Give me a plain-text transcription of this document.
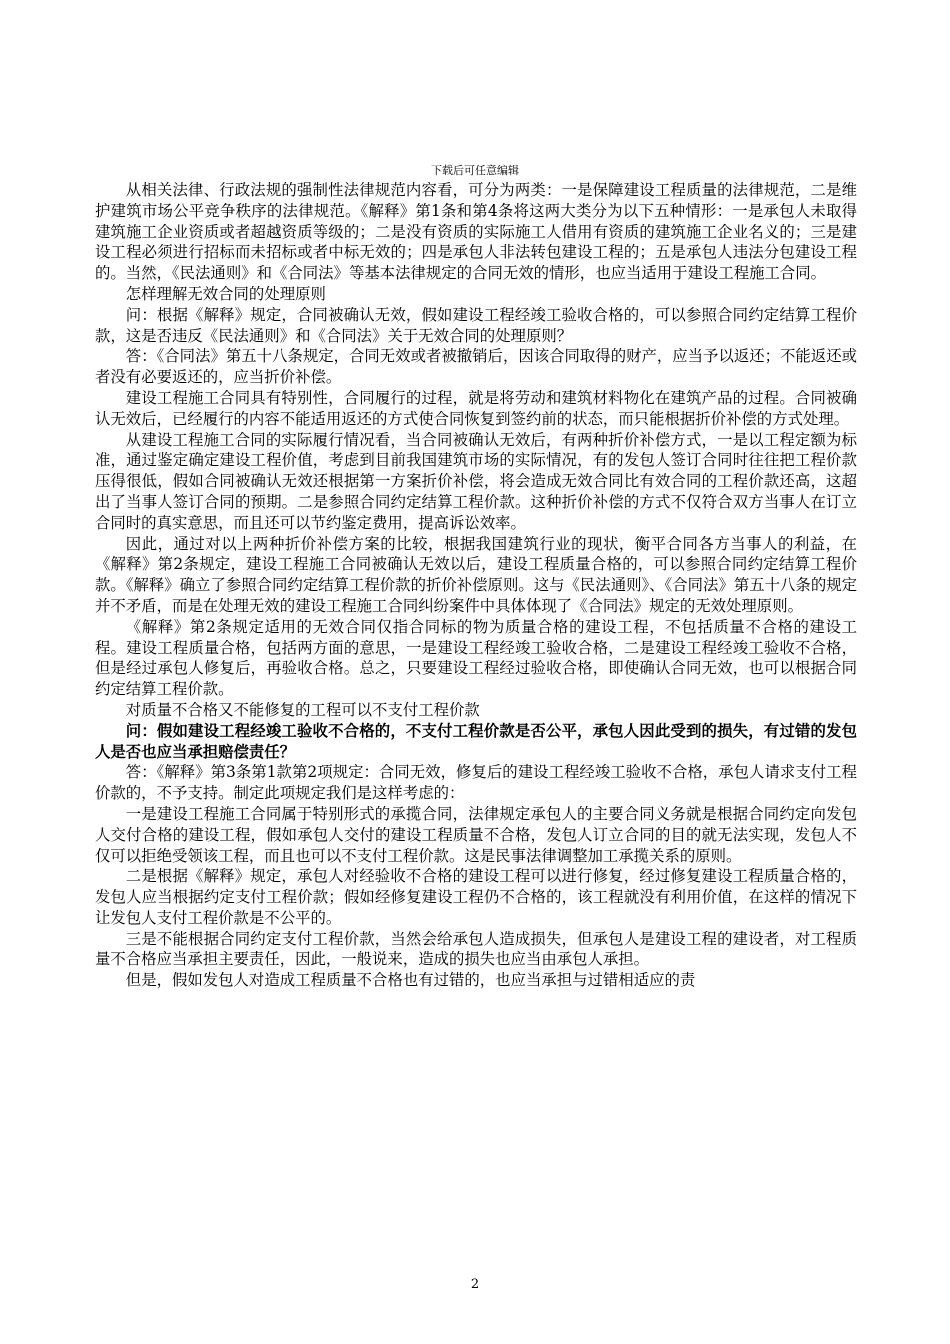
下载后可任意编辑

从相关法律、行政法规的强制性法律规范内容看，可分为两类：一是保障建设工程质量的法律规范，二是维护建筑市场公平竞争秩序的法律规范。《解释》第1条和第4条将这两大类分为以下五种情形：一是承包人未取得建筑施工企业资质或者超越资质等级的；二是没有资质的实际施工人借用有资质的建筑施工企业名义的；三是建设工程必须进行招标而未招标或者中标无效的；四是承包人非法转包建设工程的；五是承包人违法分包建设工程的。当然，《民法通则》和《合同法》等基本法律规定的合同无效的情形，也应当适用于建设工程施工合同。

怎样理解无效合同的处理原则

问：根据《解释》规定，合同被确认无效，假如建设工程经竣工验收合格的，可以参照合同约定结算工程价款，这是否违反《民法通则》和《合同法》关于无效合同的处理原则？

答：《合同法》第五十八条规定，合同无效或者被撤销后，因该合同取得的财产，应当予以返还；不能返还或者没有必要返还的，应当折价补偿。

建设工程施工合同具有特别性，合同履行的过程，就是将劳动和建筑材料物化在建筑产品的过程。合同被确认无效后，已经履行的内容不能适用返还的方式使合同恢复到签约前的状态，而只能根据折价补偿的方式处理。

从建设工程施工合同的实际履行情况看，当合同被确认无效后，有两种折价补偿方式，一是以工程定额为标准，通过鉴定确定建设工程价值，考虑到目前我国建筑市场的实际情况，有的发包人签订合同时往往把工程价款压得很低，假如合同被确认无效还根据第一方案折价补偿，将会造成无效合同比有效合同的工程价款还高，这超出了当事人签订合同的预期。二是参照合同约定结算工程价款。这种折价补偿的方式不仅符合双方当事人在订立合同时的真实意思，而且还可以节约鉴定费用，提高诉讼效率。

因此，通过对以上两种折价补偿方案的比较，根据我国建筑行业的现状，衡平合同各方当事人的利益，在《解释》第2条规定，建设工程施工合同被确认无效以后，建设工程质量合格的，可以参照合同约定结算工程价款。《解释》确立了参照合同约定结算工程价款的折价补偿原则。这与《民法通则》、《合同法》第五十八条的规定并不矛盾，而是在处理无效的建设工程施工合同纠纷案件中具体体现了《合同法》规定的无效处理原则。

《解释》第2条规定适用的无效合同仅指合同标的物为质量合格的建设工程，不包括质量不合格的建设工程。建设工程质量合格，包括两方面的意思，一是建设工程经竣工验收合格，二是建设工程经竣工验收不合格，但是经过承包人修复后，再验收合格。总之，只要建设工程经过验收合格，即使确认合同无效，也可以根据合同约定结算工程价款。

对质量不合格又不能修复的工程可以不支付工程价款

问：假如建设工程经竣工验收不合格的，不支付工程价款是否公平，承包人因此受到的损失，有过错的发包人是否也应当承担赔偿责任？

答：《解释》第3条第1款第2项规定：合同无效，修复后的建设工程经竣工验收不合格，承包人请求支付工程价款的，不予支持。制定此项规定我们是这样考虑的：

一是建设工程施工合同属于特别形式的承揽合同，法律规定承包人的主要合同义务就是根据合同约定向发包人交付合格的建设工程，假如承包人交付的建设工程质量不合格，发包人订立合同的目的就无法实现，发包人不仅可以拒绝受领该工程，而且也可以不支付工程价款。这是民事法律调整加工承揽关系的原则。

二是根据《解释》规定，承包人对经验收不合格的建设工程可以进行修复，经过修复建设工程质量合格的，发包人应当根据约定支付工程价款；假如经修复建设工程仍不合格的，该工程就没有利用价值，在这样的情况下让发包人支付工程价款是不公平的。

三是不能根据合同约定支付工程价款，当然会给承包人造成损失，但承包人是建设工程的建设者，对工程质量不合格应当承担主要责任，因此，一般说来，造成的损失也应当由承包人承担。

但是，假如发包人对造成工程质量不合格也有过错的，也应当承担与过错相适应的责

2
